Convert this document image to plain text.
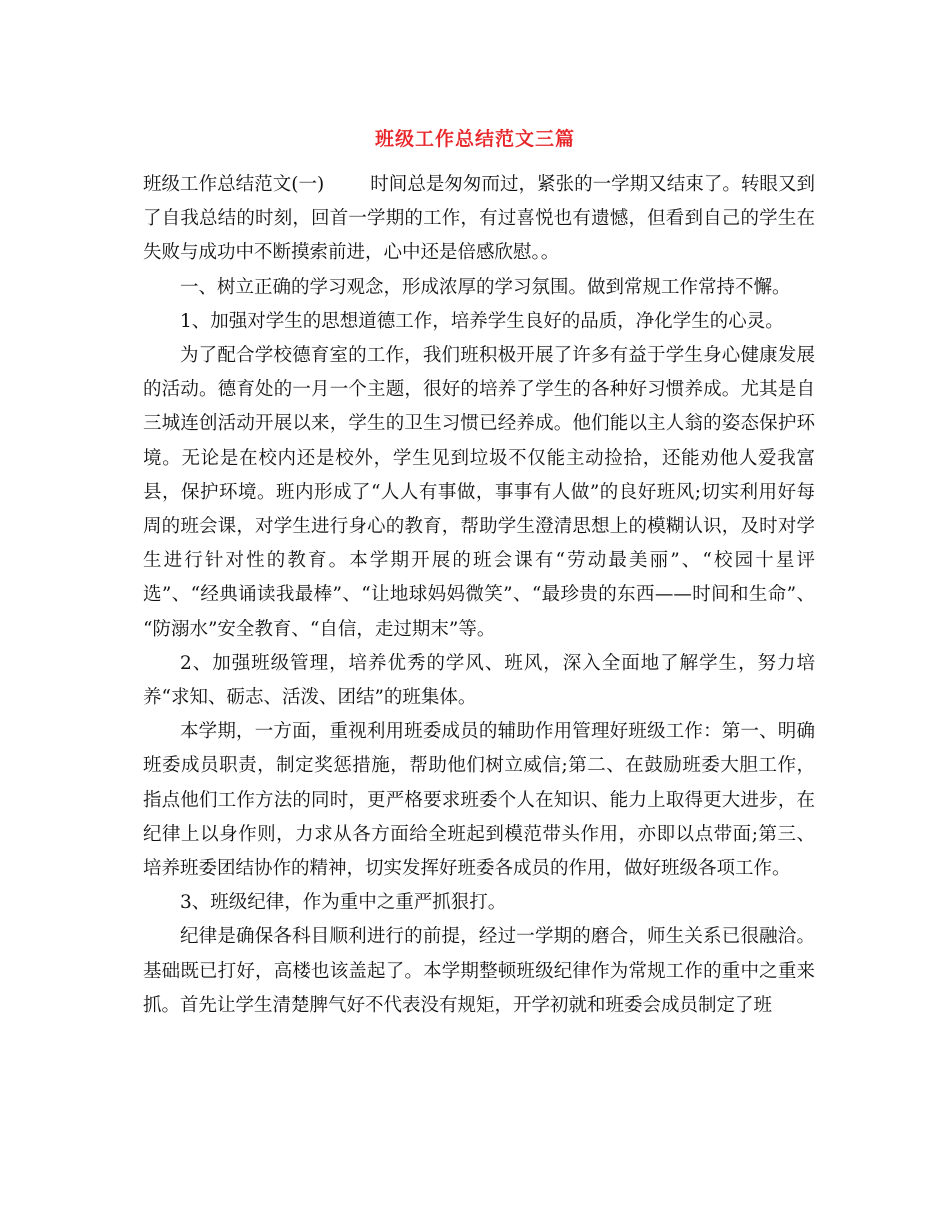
班级工作总结范文三篇

班级工作总结范文(一) 时间总是匆匆而过，紧张的一学期又结束了。转眼又到了自我总结的时刻，回首一学期的工作，有过喜悦也有遗憾，但看到自己的学生在失败与成功中不断摸索前进，心中还是倍感欣慰。。

一、树立正确的学习观念，形成浓厚的学习氛围。做到常规工作常持不懈。

1、加强对学生的思想道德工作，培养学生良好的品质，净化学生的心灵。

为了配合学校德育室的工作，我们班积极开展了许多有益于学生身心健康发展的活动。德育处的一月一个主题，很好的培养了学生的各种好习惯养成。尤其是自三城连创活动开展以来，学生的卫生习惯已经养成。他们能以主人翁的姿态保护环境。无论是在校内还是校外，学生见到垃圾不仅能主动捡拾，还能劝他人爱我富县，保护环境。班内形成了“人人有事做，事事有人做”的良好班风;切实利用好每周的班会课，对学生进行身心的教育，帮助学生澄清思想上的模糊认识，及时对学生进行针对性的教育。本学期开展的班会课有“劳动最美丽”、“校园十星评选”、“经典诵读我最棒”、“让地球妈妈微笑”、“最珍贵的东西——时间和生命”、 “防溺水”安全教育、“自信，走过期末”等。

2、加强班级管理，培养优秀的学风、班风，深入全面地了解学生，努力培养“求知、砺志、活泼、团结”的班集体。

本学期，一方面，重视利用班委成员的辅助作用管理好班级工作：第一、明确班委成员职责，制定奖惩措施，帮助他们树立威信;第二、在鼓励班委大胆工作，指点他们工作方法的同时，更严格要求班委个人在知识、能力上取得更大进步，在纪律上以身作则，力求从各方面给全班起到模范带头作用，亦即以点带面;第三、培养班委团结协作的精神，切实发挥好班委各成员的作用，做好班级各项工作。

3、班级纪律，作为重中之重严抓狠打。

纪律是确保各科目顺利进行的前提，经过一学期的磨合，师生关系已很融洽。基础既已打好，高楼也该盖起了。本学期整顿班级纪律作为常规工作的重中之重来抓。首先让学生清楚脾气好不代表没有规矩，开学初就和班委会成员制定了班
